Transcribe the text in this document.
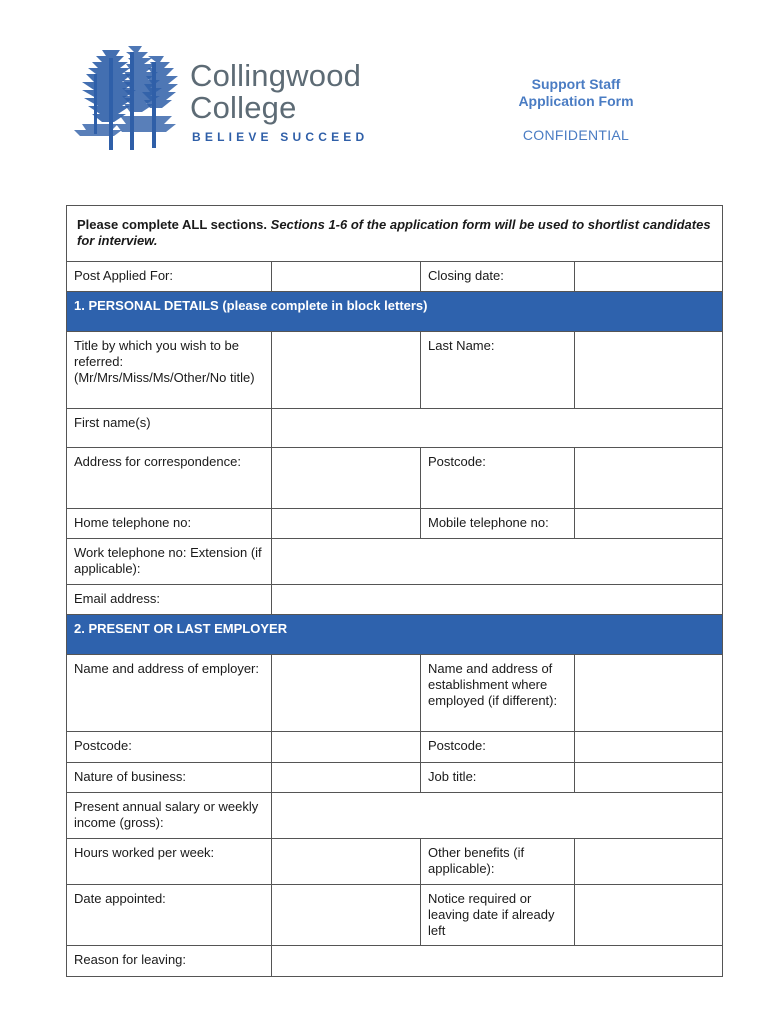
Collingwood
College
BELIEVE SUCCEED
Support Staff
Application Form
CONFIDENTIAL
Please complete ALL sections. Sections 1-6 of the application form will be used to shortlist candidates for interview.			
Post Applied For:		Closing date:	
1. PERSONAL DETAILS (please complete in block letters)			
Title by which you wish to be referred: (Mr/Mrs/Miss/Ms/Other/No title)		Last Name:	
First name(s)			
Address for correspondence:		Postcode:	
Home telephone no:		Mobile telephone no:	
Work telephone no: Extension (if applicable):			
Email address:			
2. PRESENT OR LAST EMPLOYER			
Name and address of employer:		Name and address of establishment where employed (if different):	
Postcode:		Postcode:	
Nature of business:		Job title:	
Present annual salary or weekly income (gross):			
Hours worked per week:		Other benefits (if applicable):	
Date appointed:		Notice required or leaving date if already left	
Reason for leaving:			
